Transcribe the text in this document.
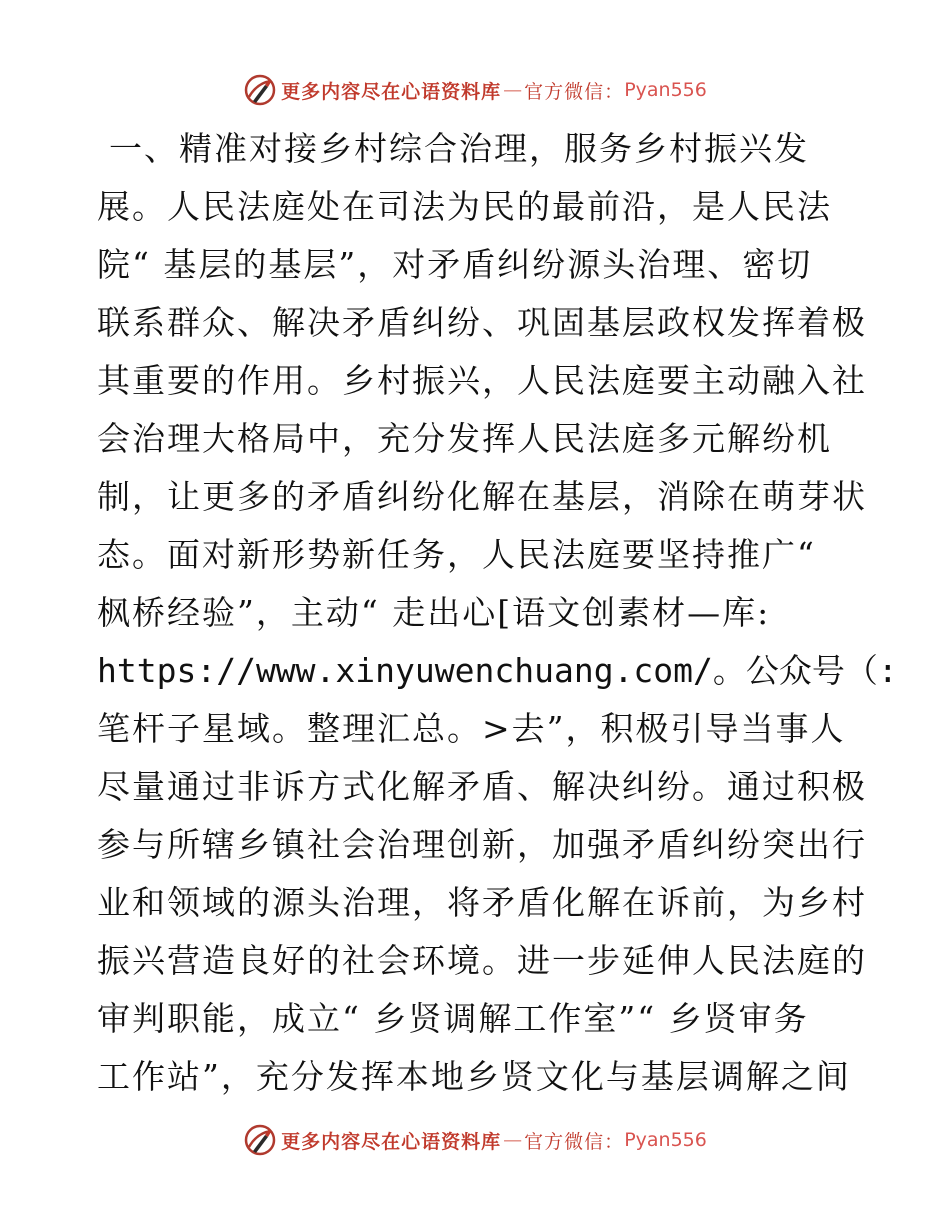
更多内容尽在心语资料库 — 官方微信： Pyan556
一、精准对接乡村综合治理，服务乡村振兴发
展。人民法庭处在司法为民的最前沿，是人民法
院“ 基层的基层”，对矛盾纠纷源头治理、密切
联系群众、解决矛盾纠纷、巩固基层政权发挥着极
其重要的作用。乡村振兴，人民法庭要主动融入社
会治理大格局中，充分发挥人民法庭多元解纷机
制，让更多的矛盾纠纷化解在基层，消除在萌芽状
态。面对新形势新任务，人民法庭要坚持推广“
枫桥经验”，主动“ 走出心[语文创素材—库:
https://www.xinyuwenchuang.com/。公众号（:
笔杆子星域。整理汇总。>去”，积极引导当事人
尽量通过非诉方式化解矛盾、解决纠纷。通过积极
参与所辖乡镇社会治理创新，加强矛盾纠纷突出行
业和领域的源头治理，将矛盾化解在诉前，为乡村
振兴营造良好的社会环境。进一步延伸人民法庭的
审判职能，成立“ 乡贤调解工作室”“ 乡贤审务
工作站”，充分发挥本地乡贤文化与基层调解之间
更多内容尽在心语资料库 — 官方微信： Pyan556
